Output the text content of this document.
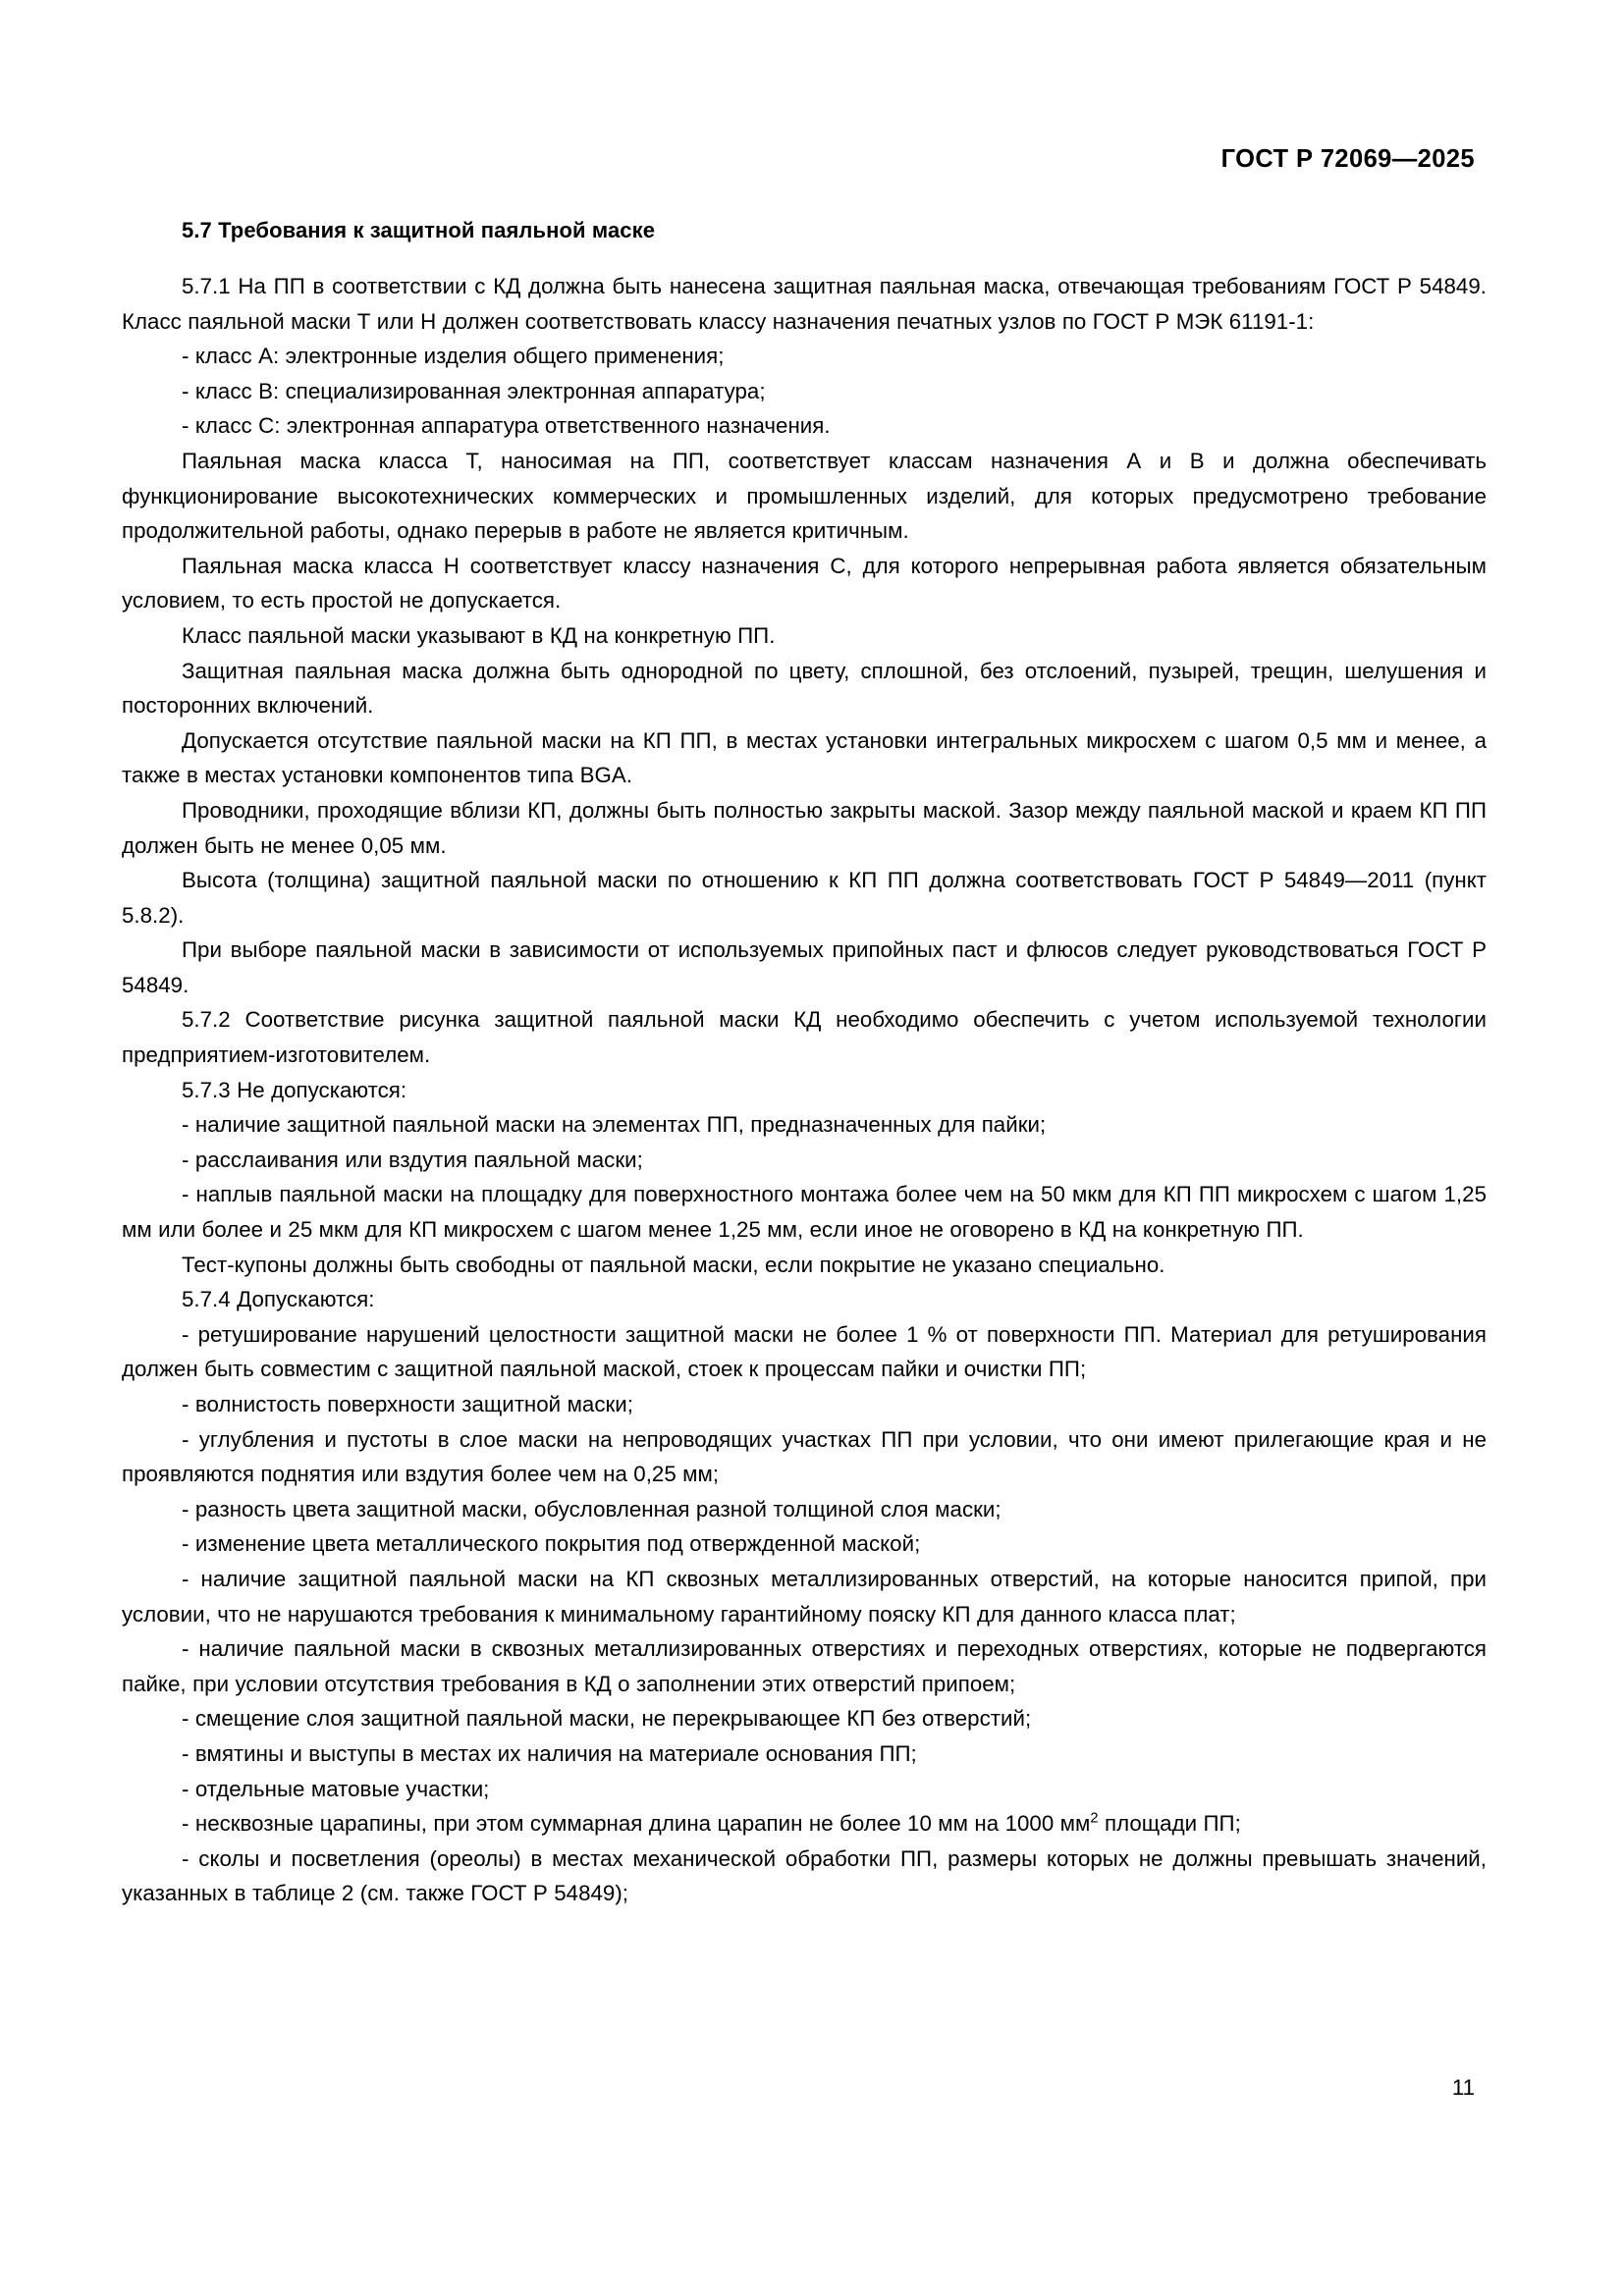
ГОСТ Р 72069—2025
5.7 Требования к защитной паяльной маске

5.7.1 На ПП в соответствии с КД должна быть нанесена защитная паяльная маска, отвечающая требованиям ГОСТ Р 54849. Класс паяльной маски Т или Н должен соответствовать классу назначения печатных узлов по ГОСТ Р МЭК 61191-1:

- класс А: электронные изделия общего применения;

- класс В: специализированная электронная аппаратура;

- класс С: электронная аппаратура ответственного назначения.

Паяльная маска класса Т, наносимая на ПП, соответствует классам назначения А и В и должна обеспечивать функционирование высокотехнических коммерческих и промышленных изделий, для которых предусмотрено требование продолжительной работы, однако перерыв в работе не является критичным.

Паяльная маска класса Н соответствует классу назначения С, для которого непрерывная работа является обязательным условием, то есть простой не допускается.

Класс паяльной маски указывают в КД на конкретную ПП.

Защитная паяльная маска должна быть однородной по цвету, сплошной, без отслоений, пузырей, трещин, шелушения и посторонних включений.

Допускается отсутствие паяльной маски на КП ПП, в местах установки интегральных микросхем с шагом 0,5 мм и менее, а также в местах установки компонентов типа BGA.

Проводники, проходящие вблизи КП, должны быть полностью закрыты маской. Зазор между паяльной маской и краем КП ПП должен быть не менее 0,05 мм.

Высота (толщина) защитной паяльной маски по отношению к КП ПП должна соответствовать ГОСТ Р 54849—2011 (пункт 5.8.2).

При выборе паяльной маски в зависимости от используемых припойных паст и флюсов следует руководствоваться ГОСТ Р 54849.

5.7.2 Соответствие рисунка защитной паяльной маски КД необходимо обеспечить с учетом используемой технологии предприятием-изготовителем.

5.7.3 Не допускаются:

- наличие защитной паяльной маски на элементах ПП, предназначенных для пайки;

- расслаивания или вздутия паяльной маски;

- наплыв паяльной маски на площадку для поверхностного монтажа более чем на 50 мкм для КП ПП микросхем с шагом 1,25 мм или более и 25 мкм для КП микросхем с шагом менее 1,25 мм, если иное не оговорено в КД на конкретную ПП.

Тест-купоны должны быть свободны от паяльной маски, если покрытие не указано специально.

5.7.4 Допускаются:

- ретуширование нарушений целостности защитной маски не более 1 % от поверхности ПП. Материал для ретуширования должен быть совместим с защитной паяльной маской, стоек к процессам пайки и очистки ПП;

- волнистость поверхности защитной маски;

- углубления и пустоты в слое маски на непроводящих участках ПП при условии, что они имеют прилегающие края и не проявляются поднятия или вздутия более чем на 0,25 мм;

- разность цвета защитной маски, обусловленная разной толщиной слоя маски;

- изменение цвета металлического покрытия под отвержденной маской;

- наличие защитной паяльной маски на КП сквозных металлизированных отверстий, на которые наносится припой, при условии, что не нарушаются требования к минимальному гарантийному пояску КП для данного класса плат;

- наличие паяльной маски в сквозных металлизированных отверстиях и переходных отверстиях, которые не подвергаются пайке, при условии отсутствия требования в КД о заполнении этих отверстий припоем;

- смещение слоя защитной паяльной маски, не перекрывающее КП без отверстий;

- вмятины и выступы в местах их наличия на материале основания ПП;

- отдельные матовые участки;

- несквозные царапины, при этом суммарная длина царапин не более 10 мм на 1000 $мм^2$ площади ПП;

- сколы и посветления (ореолы) в местах механической обработки ПП, размеры которых не должны превышать значений, указанных в таблице 2 (см. также ГОСТ Р 54849);

11
